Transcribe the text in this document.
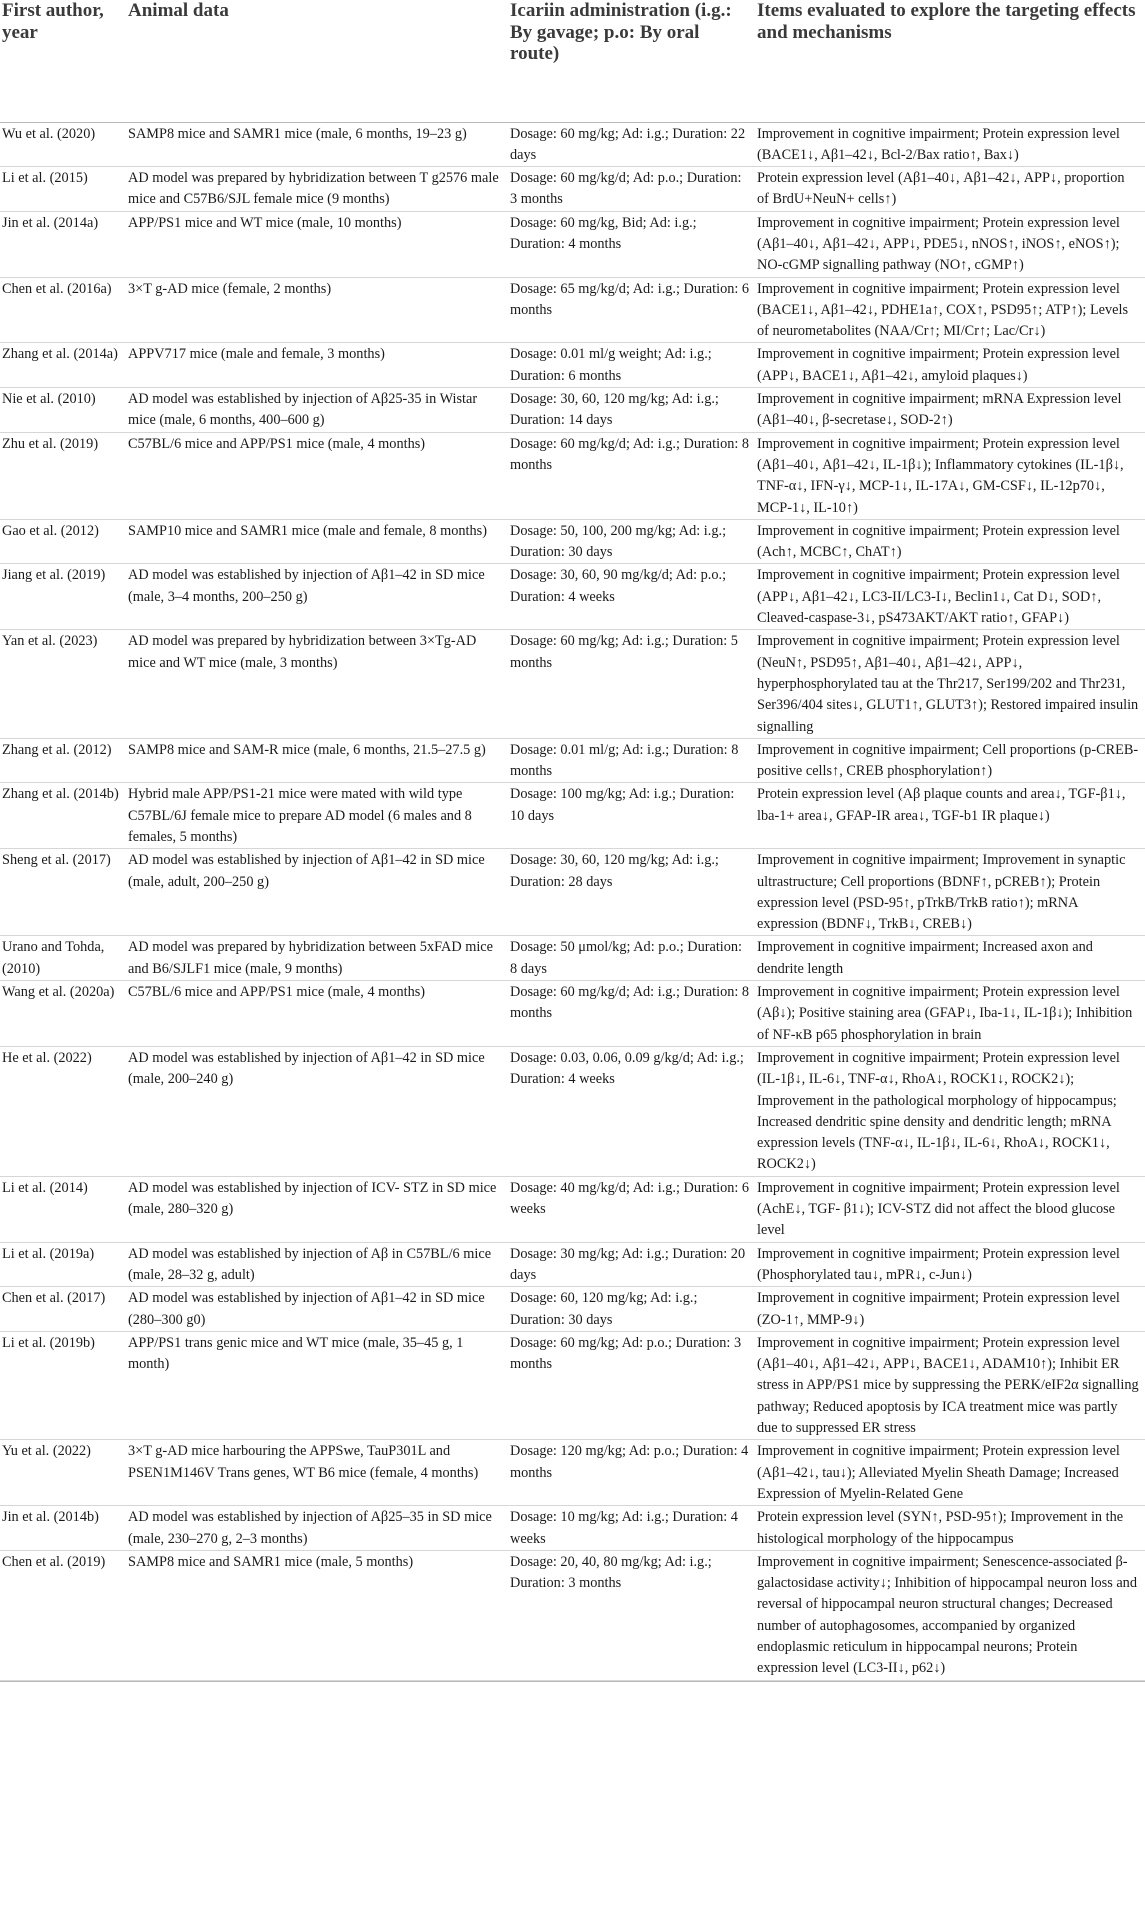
First author, year	Animal data	Icariin administration (i.g.: By gavage; p.o: By oral route)	Items evaluated to explore the targeting effects and mechanisms
Wu et al. (2020)	SAMP8 mice and SAMR1 mice (male, 6 months, 19–23 g)	Dosage: 60 mg/kg; Ad: i.g.; Duration: 22 days	Improvement in cognitive impairment; Protein expression level (BACE1↓, Aβ1–42↓, Bcl-2/Bax ratio↑, Bax↓)
Li et al. (2015)	AD model was prepared by hybridization between T g2576 male mice and C57B6/SJL female mice (9 months)	Dosage: 60 mg/kg/d; Ad: p.o.; Duration: 3 months	Protein expression level (Aβ1–40↓, Aβ1–42↓, APP↓, proportion of BrdU+NeuN+ cells↑)
Jin et al. (2014a)	APP/PS1 mice and WT mice (male, 10 months)	Dosage: 60 mg/kg, Bid; Ad: i.g.; Duration: 4 months	Improvement in cognitive impairment; Protein expression level (Aβ1–40↓, Aβ1–42↓, APP↓, PDE5↓, nNOS↑, iNOS↑, eNOS↑); NO-cGMP signalling pathway (NO↑, cGMP↑)
Chen et al. (2016a)	3×T g-AD mice (female, 2 months)	Dosage: 65 mg/kg/d; Ad: i.g.; Duration: 6 months	Improvement in cognitive impairment; Protein expression level (BACE1↓, Aβ1–42↓, PDHE1a↑, COX↑, PSD95↑; ATP↑); Levels of neurometabolites (NAA/Cr↑; MI/Cr↑; Lac/Cr↓)
Zhang et al. (2014a)	APPV717 mice (male and female, 3 months)	Dosage: 0.01 ml/g weight; Ad: i.g.; Duration: 6 months	Improvement in cognitive impairment; Protein expression level (APP↓, BACE1↓, Aβ1–42↓, amyloid plaques↓)
Nie et al. (2010)	AD model was established by injection of Aβ25-35 in Wistar mice (male, 6 months, 400–600 g)	Dosage: 30, 60, 120 mg/kg; Ad: i.g.; Duration: 14 days	Improvement in cognitive impairment; mRNA Expression level (Aβ1–40↓, β-secretase↓, SOD-2↑)
Zhu et al. (2019)	C57BL/6 mice and APP/PS1 mice (male, 4 months)	Dosage: 60 mg/kg/d; Ad: i.g.; Duration: 8 months	Improvement in cognitive impairment; Protein expression level (Aβ1–40↓, Aβ1–42↓, IL-1β↓); Inflammatory cytokines (IL-1β↓, TNF-α↓, IFN-γ↓, MCP-1↓, IL-17A↓, GM-CSF↓, IL-12p70↓, MCP-1↓, IL-10↑)
Gao et al. (2012)	SAMP10 mice and SAMR1 mice (male and female, 8 months)	Dosage: 50, 100, 200 mg/kg; Ad: i.g.; Duration: 30 days	Improvement in cognitive impairment; Protein expression level (Ach↑, MCBC↑, ChAT↑)
Jiang et al. (2019)	AD model was established by injection of Aβ1–42 in SD mice (male, 3–4 months, 200–250 g)	Dosage: 30, 60, 90 mg/kg/d; Ad: p.o.; Duration: 4 weeks	Improvement in cognitive impairment; Protein expression level (APP↓, Aβ1–42↓, LC3-II/LC3-I↓, Beclin1↓, Cat D↓, SOD↑, Cleaved-caspase-3↓, pS473AKT/AKT ratio↑, GFAP↓)
Yan et al. (2023)	AD model was prepared by hybridization between 3×Tg-AD mice and WT mice (male, 3 months)	Dosage: 60 mg/kg; Ad: i.g.; Duration: 5 months	Improvement in cognitive impairment; Protein expression level (NeuN↑, PSD95↑, Aβ1–40↓, Aβ1–42↓, APP↓, hyperphosphorylated tau at the Thr217, Ser199/202 and Thr231, Ser396/404 sites↓, GLUT1↑, GLUT3↑); Restored impaired insulin signalling
Zhang et al. (2012)	SAMP8 mice and SAM-R mice (male, 6 months, 21.5–27.5 g)	Dosage: 0.01 ml/g; Ad: i.g.; Duration: 8 months	Improvement in cognitive impairment; Cell proportions (p-CREB-positive cells↑, CREB phosphorylation↑)
Zhang et al. (2014b)	Hybrid male APP/PS1-21 mice were mated with wild type C57BL/6J female mice to prepare AD model (6 males and 8 females, 5 months)	Dosage: 100 mg/kg; Ad: i.g.; Duration: 10 days	Protein expression level (Aβ plaque counts and area↓, TGF-β1↓, lba-1+ area↓, GFAP-IR area↓, TGF-b1 IR plaque↓)
Sheng et al. (2017)	AD model was established by injection of Aβ1–42 in SD mice (male, adult, 200–250 g)	Dosage: 30, 60, 120 mg/kg; Ad: i.g.; Duration: 28 days	Improvement in cognitive impairment; Improvement in synaptic ultrastructure; Cell proportions (BDNF↑, pCREB↑); Protein expression level (PSD-95↑, pTrkB/TrkB ratio↑); mRNA expression (BDNF↓, TrkB↓, CREB↓)
Urano and Tohda, (2010)	AD model was prepared by hybridization between 5xFAD mice and B6/SJLF1 mice (male, 9 months)	Dosage: 50 μmol/kg; Ad: p.o.; Duration: 8 days	Improvement in cognitive impairment; Increased axon and dendrite length
Wang et al. (2020a)	C57BL/6 mice and APP/PS1 mice (male, 4 months)	Dosage: 60 mg/kg/d; Ad: i.g.; Duration: 8 months	Improvement in cognitive impairment; Protein expression level (Aβ↓); Positive staining area (GFAP↓, Iba-1↓, IL-1β↓); Inhibition of NF-κB p65 phosphorylation in brain
He et al. (2022)	AD model was established by injection of Aβ1–42 in SD mice (male, 200–240 g)	Dosage: 0.03, 0.06, 0.09 g/kg/d; Ad: i.g.; Duration: 4 weeks	Improvement in cognitive impairment; Protein expression level (IL-1β↓, IL-6↓, TNF-α↓, RhoA↓, ROCK1↓, ROCK2↓); Improvement in the pathological morphology of hippocampus; Increased dendritic spine density and dendritic length; mRNA expression levels (TNF-α↓, IL-1β↓, IL-6↓, RhoA↓, ROCK1↓, ROCK2↓)
Li et al. (2014)	AD model was established by injection of ICV- STZ in SD mice (male, 280–320 g)	Dosage: 40 mg/kg/d; Ad: i.g.; Duration: 6 weeks	Improvement in cognitive impairment; Protein expression level (AchE↓, TGF- β1↓); ICV-STZ did not affect the blood glucose level
Li et al. (2019a)	AD model was established by injection of Aβ in C57BL/6 mice (male, 28–32 g, adult)	Dosage: 30 mg/kg; Ad: i.g.; Duration: 20 days	Improvement in cognitive impairment; Protein expression level (Phosphorylated tau↓, mPR↓, c-Jun↓)
Chen et al. (2017)	AD model was established by injection of Aβ1–42 in SD mice (280–300 g0)	Dosage: 60, 120 mg/kg; Ad: i.g.; Duration: 30 days	Improvement in cognitive impairment; Protein expression level (ZO-1↑, MMP-9↓)
Li et al. (2019b)	APP/PS1 trans genic mice and WT mice (male, 35–45 g, 1 month)	Dosage: 60 mg/kg; Ad: p.o.; Duration: 3 months	Improvement in cognitive impairment; Protein expression level (Aβ1–40↓, Aβ1–42↓, APP↓, BACE1↓, ADAM10↑); Inhibit ER stress in APP/PS1 mice by suppressing the PERK/eIF2α signalling pathway; Reduced apoptosis by ICA treatment mice was partly due to suppressed ER stress
Yu et al. (2022)	3×T g-AD mice harbouring the APPSwe, TauP301L and PSEN1M146V Trans genes, WT B6 mice (female, 4 months)	Dosage: 120 mg/kg; Ad: p.o.; Duration: 4 months	Improvement in cognitive impairment; Protein expression level (Aβ1–42↓, tau↓); Alleviated Myelin Sheath Damage; Increased Expression of Myelin-Related Gene
Jin et al. (2014b)	AD model was established by injection of Aβ25–35 in SD mice (male, 230–270 g, 2–3 months)	Dosage: 10 mg/kg; Ad: i.g.; Duration: 4 weeks	Protein expression level (SYN↑, PSD-95↑); Improvement in the histological morphology of the hippocampus
Chen et al. (2019)	SAMP8 mice and SAMR1 mice (male, 5 months)	Dosage: 20, 40, 80 mg/kg; Ad: i.g.; Duration: 3 months	Improvement in cognitive impairment; Senescence-associated β-galactosidase activity↓; Inhibition of hippocampal neuron loss and reversal of hippocampal neuron structural changes; Decreased number of autophagosomes, accompanied by organized endoplasmic reticulum in hippocampal neurons; Protein expression level (LC3-II↓, p62↓)
